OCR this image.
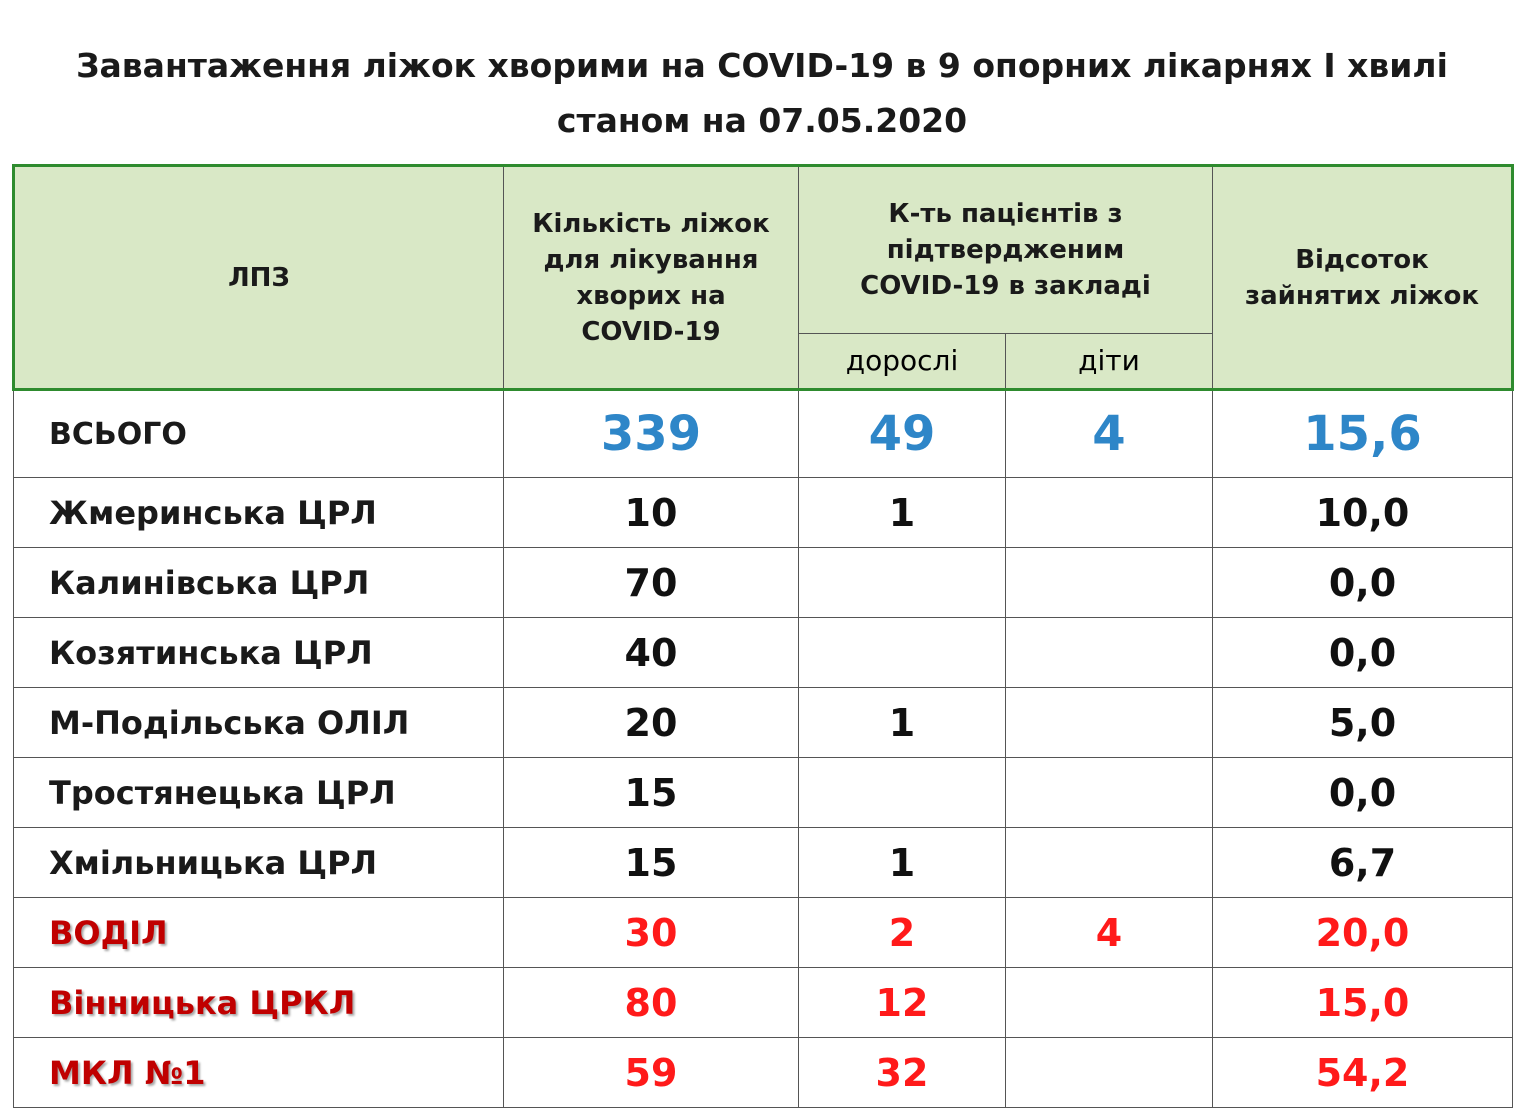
Завантаження ліжок хворими на COVID-19 в 9 опорних лікарнях І хвилі
станом на 07.05.2020
ЛПЗ	Кількість ліжок для лікування хворих на COVID-19	К-ть пацієнтів з підтвердженим COVID-19 в закладі		Відсоток зайнятих ліжок
		дорослі	діти	
ВСЬОГО	339	49	4	15,6
Жмеринська ЦРЛ	10	1		10,0
Калинівська ЦРЛ	70			0,0
Козятинська ЦРЛ	40			0,0
М-Подільська ОЛІЛ	20	1		5,0
Тростянецька ЦРЛ	15			0,0
Хмільницька ЦРЛ	15	1		6,7
ВОДІЛ	30	2	4	20,0
Вінницька ЦРКЛ	80	12		15,0
МКЛ №1	59	32		54,2
